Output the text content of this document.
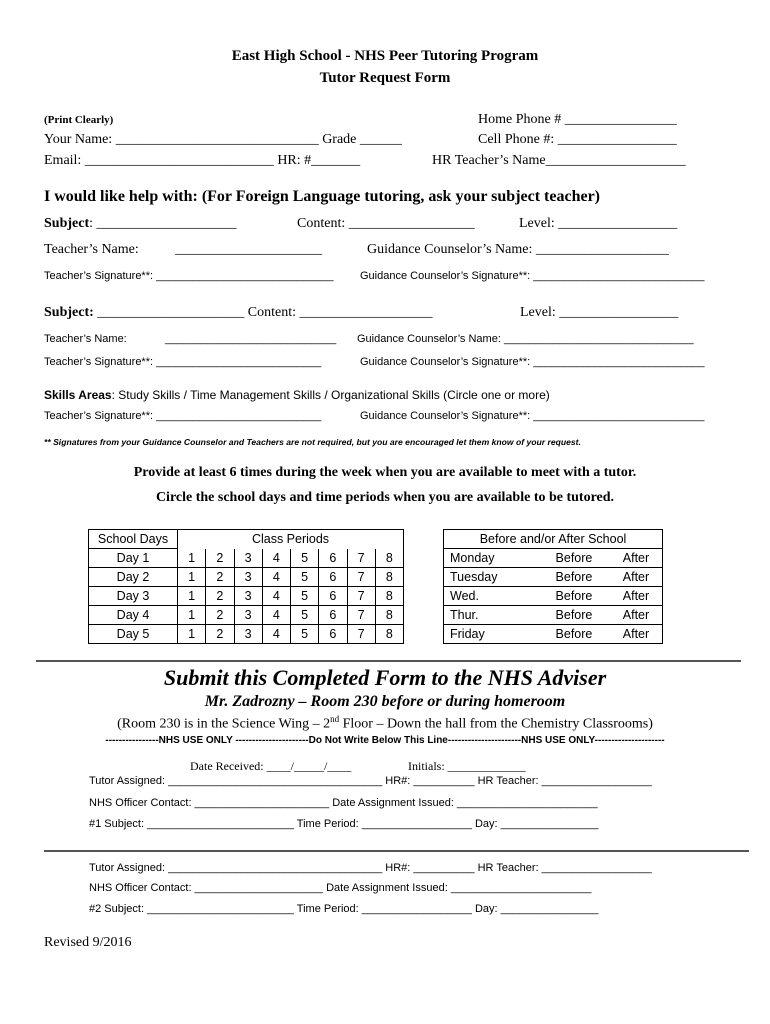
East High School - NHS Peer Tutoring Program
Tutor Request Form
(Print Clearly)	Home Phone # ________________
Your Name: _____________________________ Grade ______	Cell Phone #: _________________
Email: ___________________________ HR: #_______	HR Teacher’s Name____________________
I would like help with: (For Foreign Language tutoring, ask your subject teacher)
Subject: ____________________	Content: __________________	Level: _________________
Teacher’s Name:	_____________________	Guidance Counselor’s Name: ___________________
Teacher’s Signature**: _____________________________ Guidance Counselor’s Signature**: ____________________________
Subject: _____________________ Content: ___________________	Level: _________________
Teacher’s Name:	____________________________ Guidance Counselor’s Name: _______________________________
Teacher’s Signature**: ___________________________	Guidance Counselor’s Signature**: ____________________________
Skills Areas: Study Skills / Time Management Skills / Organizational Skills (Circle one or more)
Teacher’s Signature**: ___________________________	Guidance Counselor’s Signature**: ____________________________
** Signatures from your Guidance Counselor and Teachers are not required, but you are encouraged let them know of your request.
Provide at least 6 times during the week when you are available to meet with a tutor.
Circle the school days and time periods when you are available to be tutored.
School Days	Class Periods							
Day 1	1	2	3	4	5	6	7	8
Day 2	1	2	3	4	5	6	7	8
Day 3	1	2	3	4	5	6	7	8
Day 4	1	2	3	4	5	6	7	8
Day 5	1	2	3	4	5	6	7	8
Before and/or After School		
Monday	Before	After
Tuesday	Before	After
Wed.	Before	After
Thur.	Before	After
Friday	Before	After
Submit this Completed Form to the NHS Adviser
Mr. Zadrozny – Room 230 before or during homeroom
(Room 230 is in the Science Wing – 2nd Floor – Down the hall from the Chemistry Classrooms)
----------------NHS USE ONLY ----------------------Do Not Write Below This Line----------------------NHS USE ONLY---------------------
Date Received: ____/_____/____	Initials: _____________
Tutor Assigned: ___________________________________ HR#: __________ HR Teacher: __________________
NHS Officer Contact: ______________________ Date Assignment Issued: _______________________
#1 Subject: ________________________ Time Period: __________________ Day: ________________
Tutor Assigned: ___________________________________ HR#: __________ HR Teacher: __________________
NHS Officer Contact: _____________________ Date Assignment Issued: _______________________
#2 Subject: ________________________ Time Period: __________________ Day: ________________
Revised 9/2016
